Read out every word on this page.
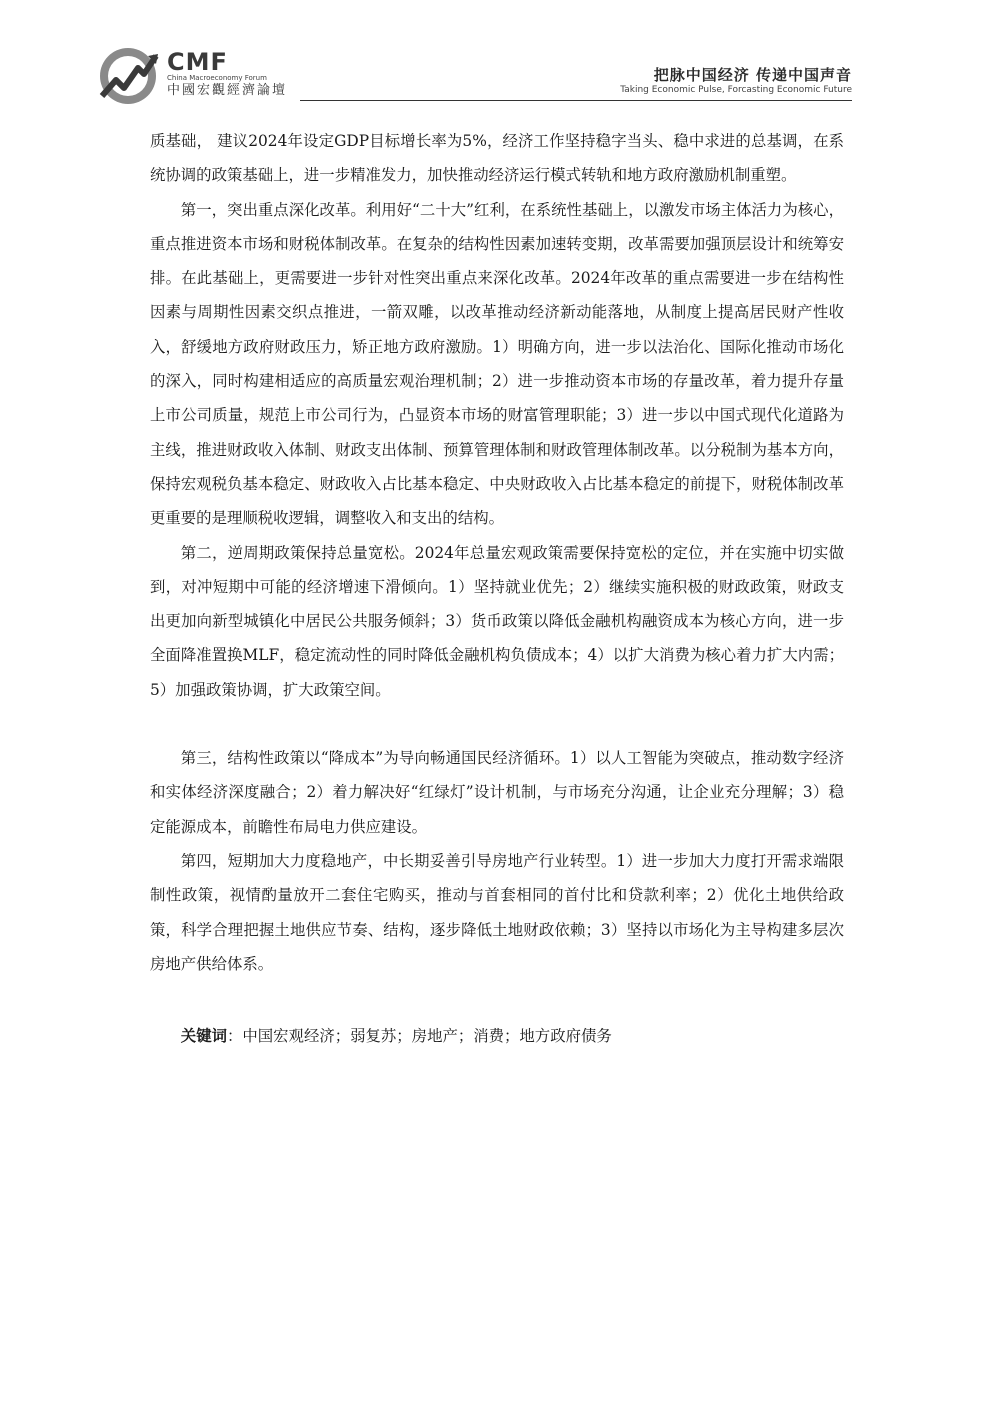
CMF
China Macroeconomy Forum
中國宏觀經濟論壇
把脉中国经济 传递中国声音
Taking Economic Pulse, Forcasting Economic Future

质基础， 建议2024年设定GDP目标增长率为5%，经济工作坚持稳字当头、稳中求进的总基调，在系统协调的政策基础上，进一步精准发力，加快推动经济运行模式转轨和地方政府激励机制重塑。

第一，突出重点深化改革。利用好“二十大”红利，在系统性基础上，以激发市场主体活力为核心，重点推进资本市场和财税体制改革。在复杂的结构性因素加速转变期，改革需要加强顶层设计和统筹安排。在此基础上，更需要进一步针对性突出重点来深化改革。2024年改革的重点需要进一步在结构性因素与周期性因素交织点推进，一箭双雕，以改革推动经济新动能落地，从制度上提高居民财产性收入，舒缓地方政府财政压力，矫正地方政府激励。1）明确方向，进一步以法治化、国际化推动市场化的深入，同时构建相适应的高质量宏观治理机制；2）进一步推动资本市场的存量改革，着力提升存量上市公司质量，规范上市公司行为，凸显资本市场的财富管理职能；3）进一步以中国式现代化道路为主线，推进财政收入体制、财政支出体制、预算管理体制和财政管理体制改革。以分税制为基本方向，保持宏观税负基本稳定、财政收入占比基本稳定、中央财政收入占比基本稳定的前提下，财税体制改革更重要的是理顺税收逻辑，调整收入和支出的结构。

第二，逆周期政策保持总量宽松。2024年总量宏观政策需要保持宽松的定位，并在实施中切实做到，对冲短期中可能的经济增速下滑倾向。1）坚持就业优先；2）继续实施积极的财政政策，财政支出更加向新型城镇化中居民公共服务倾斜；3）货币政策以降低金融机构融资成本为核心方向，进一步全面降准置换MLF，稳定流动性的同时降低金融机构负债成本；4）以扩大消费为核心着力扩大内需；5）加强政策协调，扩大政策空间。

第三，结构性政策以“降成本”为导向畅通国民经济循环。1）以人工智能为突破点，推动数字经济和实体经济深度融合；2）着力解决好“红绿灯”设计机制，与市场充分沟通，让企业充分理解；3）稳定能源成本，前瞻性布局电力供应建设。

第四，短期加大力度稳地产，中长期妥善引导房地产行业转型。1）进一步加大力度打开需求端限制性政策，视情酌量放开二套住宅购买，推动与首套相同的首付比和贷款利率；2）优化土地供给政策，科学合理把握土地供应节奏、结构，逐步降低土地财政依赖；3）坚持以市场化为主导构建多层次房地产供给体系。

关键词：中国宏观经济；弱复苏；房地产；消费；地方政府债务
